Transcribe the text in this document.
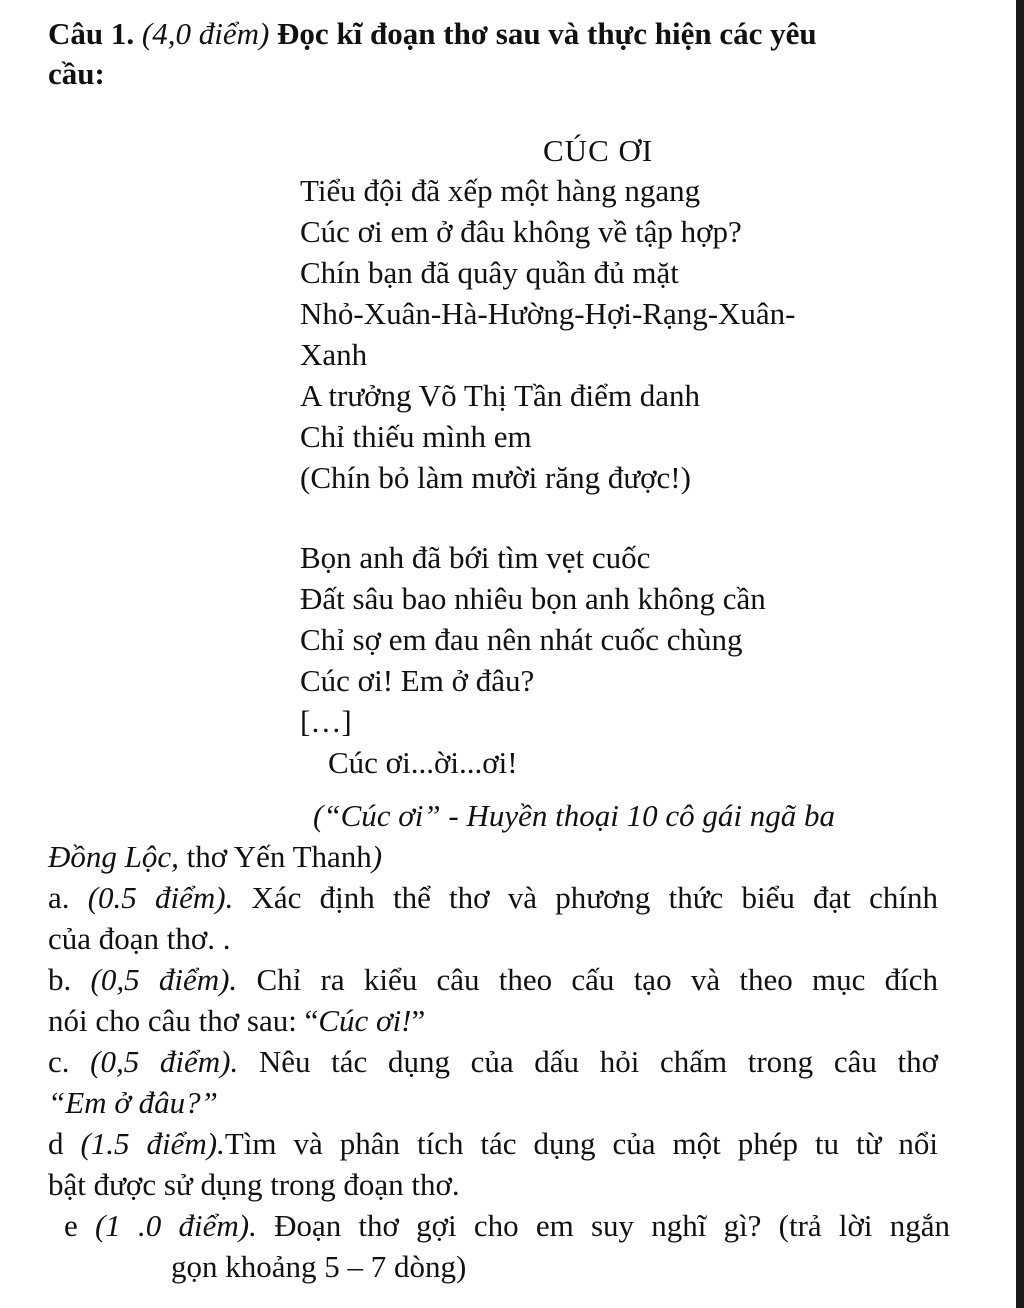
Câu 1. (4,0 điểm) Đọc kĩ đoạn thơ sau và thực hiện các yêu
cầu:
CÚC ƠI
Tiểu đội đã xếp một hàng ngang
Cúc ơi em ở đâu không về tập hợp?
Chín bạn đã quây quần đủ mặt
Nhỏ-Xuân-Hà-Hường-Hợi-Rạng-Xuân-
Xanh
A trưởng Võ Thị Tần điểm danh
Chỉ thiếu mình em
(Chín bỏ làm mười răng được!)
Bọn anh đã bới tìm vẹt cuốc
Đất sâu bao nhiêu bọn anh không cần
Chỉ sợ em đau nên nhát cuốc chùng
Cúc ơi! Em ở đâu?
[…]
Cúc ơi...ời...ơi!
(“Cúc ơi” - Huyền thoại 10 cô gái ngã ba
Đồng Lộc, thơ Yến Thanh)
a. (0.5 điểm). Xác định thể thơ và phương thức biểu đạt chính
của đoạn thơ. .
b. (0,5 điểm). Chỉ ra kiểu câu theo cấu tạo và theo mục đích
nói cho câu thơ sau: “Cúc ơi!”
c. (0,5 điểm). Nêu tác dụng của dấu hỏi chấm trong câu thơ
“Em ở đâu?”
d (1.5 điểm).Tìm và phân tích tác dụng của một phép tu từ nổi
bật được sử dụng trong đoạn thơ.
e (1 .0 điểm). Đoạn thơ gợi cho em suy nghĩ gì? (trả lời ngắn
gọn khoảng 5 – 7 dòng)
